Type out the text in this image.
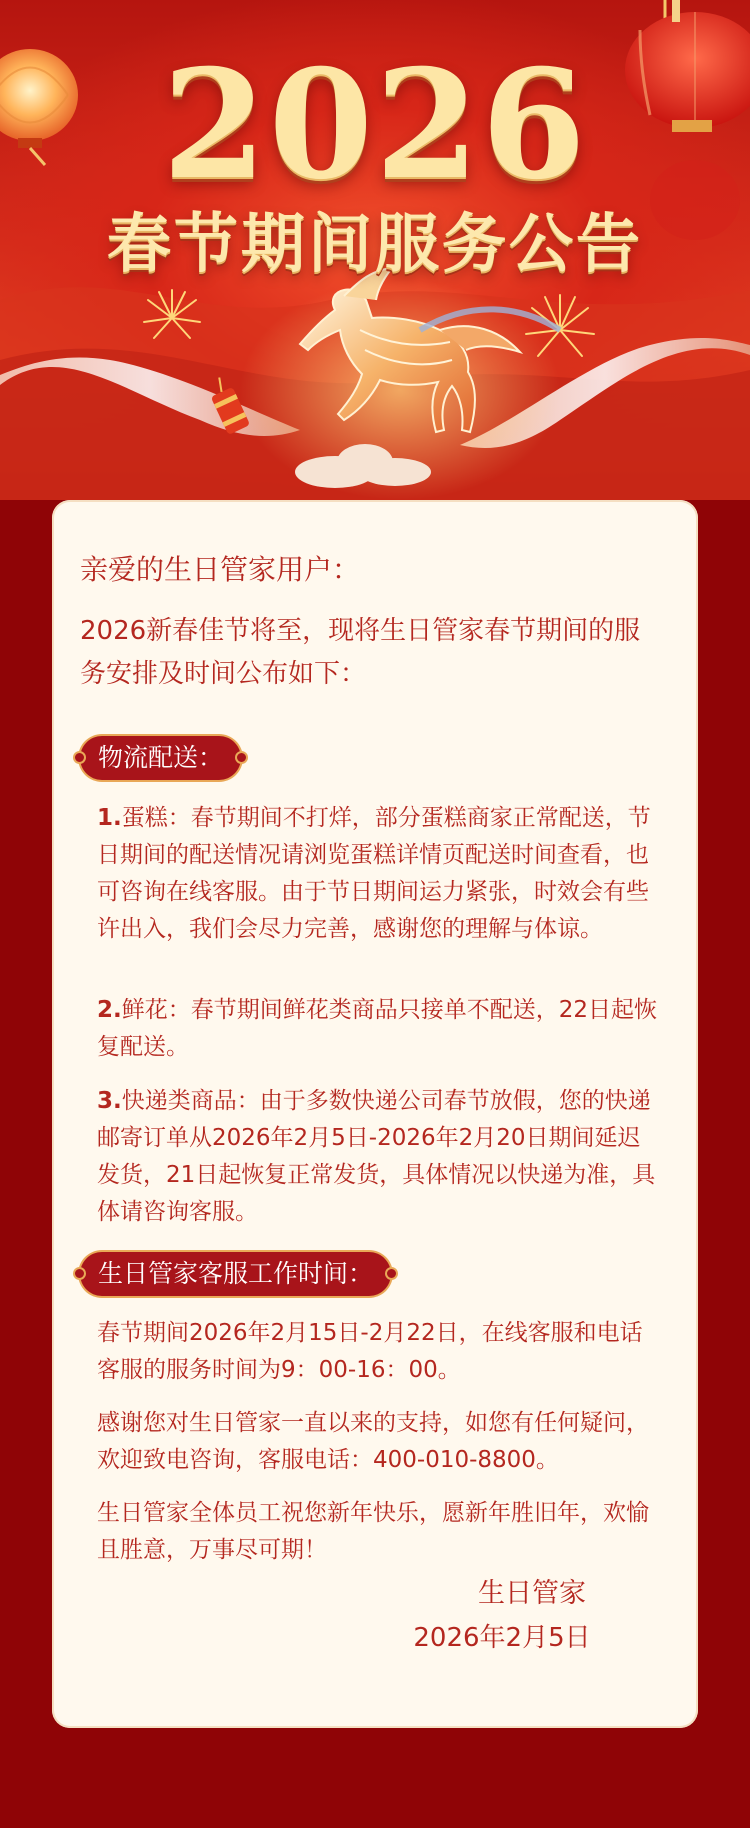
2026
春节期间服务公告
亲爱的生日管家用户：
2026新春佳节将至，现将生日管家春节期间的服务安排及时间公布如下：
物流配送：
1.蛋糕：春节期间不打烊，部分蛋糕商家正常配送，节日期间的配送情况请浏览蛋糕详情页配送时间查看，也可咨询在线客服。由于节日期间运力紧张，时效会有些许出入，我们会尽力完善，感谢您的理解与体谅。
2.鲜花：春节期间鲜花类商品只接单不配送，22日起恢复配送。
3.快递类商品：由于多数快递公司春节放假，您的快递邮寄订单从2026年2月5日-2026年2月20日期间延迟发货，21日起恢复正常发货，具体情况以快递为准，具体请咨询客服。
生日管家客服工作时间：
春节期间2026年2月15日-2月22日，在线客服和电话客服的服务时间为9：00-16：00。
感谢您对生日管家一直以来的支持，如您有任何疑问，欢迎致电咨询，客服电话：400-010-8800。
生日管家全体员工祝您新年快乐，愿新年胜旧年，欢愉且胜意，万事尽可期！
生日管家
2026年2月5日
